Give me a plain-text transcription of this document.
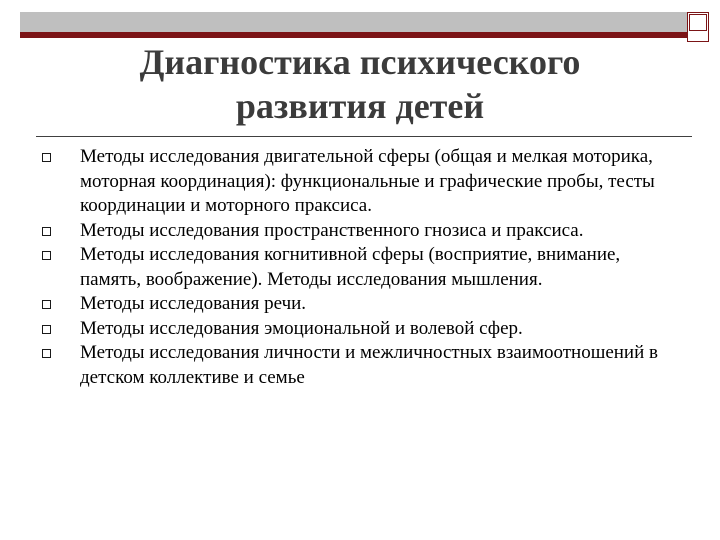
Диагностика психического
развития детей
Методы исследования двигательной сферы (общая и мелкая моторика, моторная координация): функциональные и графические пробы, тесты координации и моторного праксиса.
Методы исследования пространственного гнозиса и праксиса.
Методы исследования когнитивной сферы (восприятие, внимание, память, воображение). Методы исследования мышления.
Методы исследования речи.
Методы исследования эмоциональной и волевой сфер.
Методы исследования личности и межличностных взаимоотношений в детском коллективе и семье
